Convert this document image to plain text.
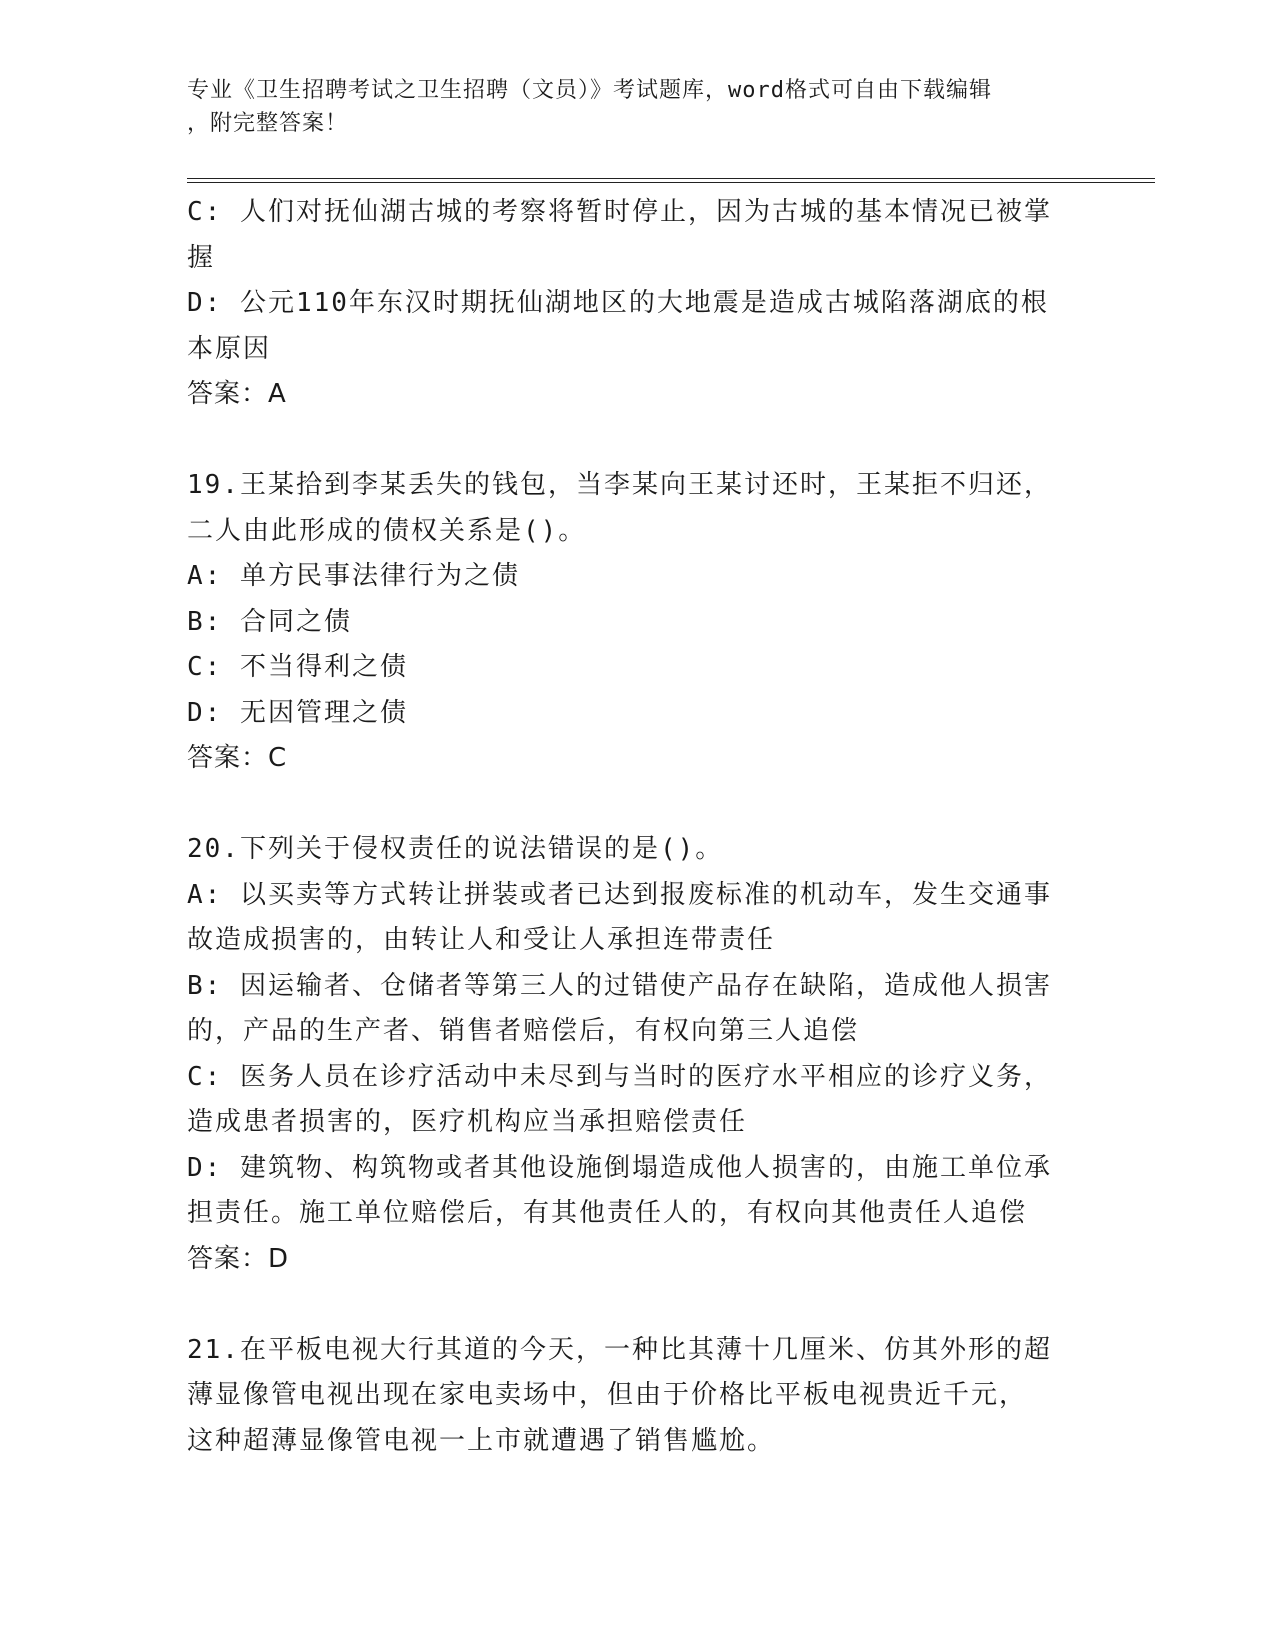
专业《卫生招聘考试之卫生招聘（文员）》考试题库，word格式可自由下载编辑
，附完整答案！
C: 人们对抚仙湖古城的考察将暂时停止，因为古城的基本情况已被掌
握
D: 公元110年东汉时期抚仙湖地区的大地震是造成古城陷落湖底的根
本原因
答案：A
19.王某拾到李某丢失的钱包，当李某向王某讨还时，王某拒不归还，
二人由此形成的债权关系是()。
A: 单方民事法律行为之债
B: 合同之债
C: 不当得利之债
D: 无因管理之债
答案：C
20.下列关于侵权责任的说法错误的是()。
A: 以买卖等方式转让拼装或者已达到报废标准的机动车，发生交通事
故造成损害的，由转让人和受让人承担连带责任
B: 因运输者、仓储者等第三人的过错使产品存在缺陷，造成他人损害
的，产品的生产者、销售者赔偿后，有权向第三人追偿
C: 医务人员在诊疗活动中未尽到与当时的医疗水平相应的诊疗义务，
造成患者损害的，医疗机构应当承担赔偿责任
D: 建筑物、构筑物或者其他设施倒塌造成他人损害的，由施工单位承
担责任。施工单位赔偿后，有其他责任人的，有权向其他责任人追偿
答案：D
21.在平板电视大行其道的今天，一种比其薄十几厘米、仿其外形的超
薄显像管电视出现在家电卖场中，但由于价格比平板电视贵近千元，
这种超薄显像管电视一上市就遭遇了销售尴尬。
